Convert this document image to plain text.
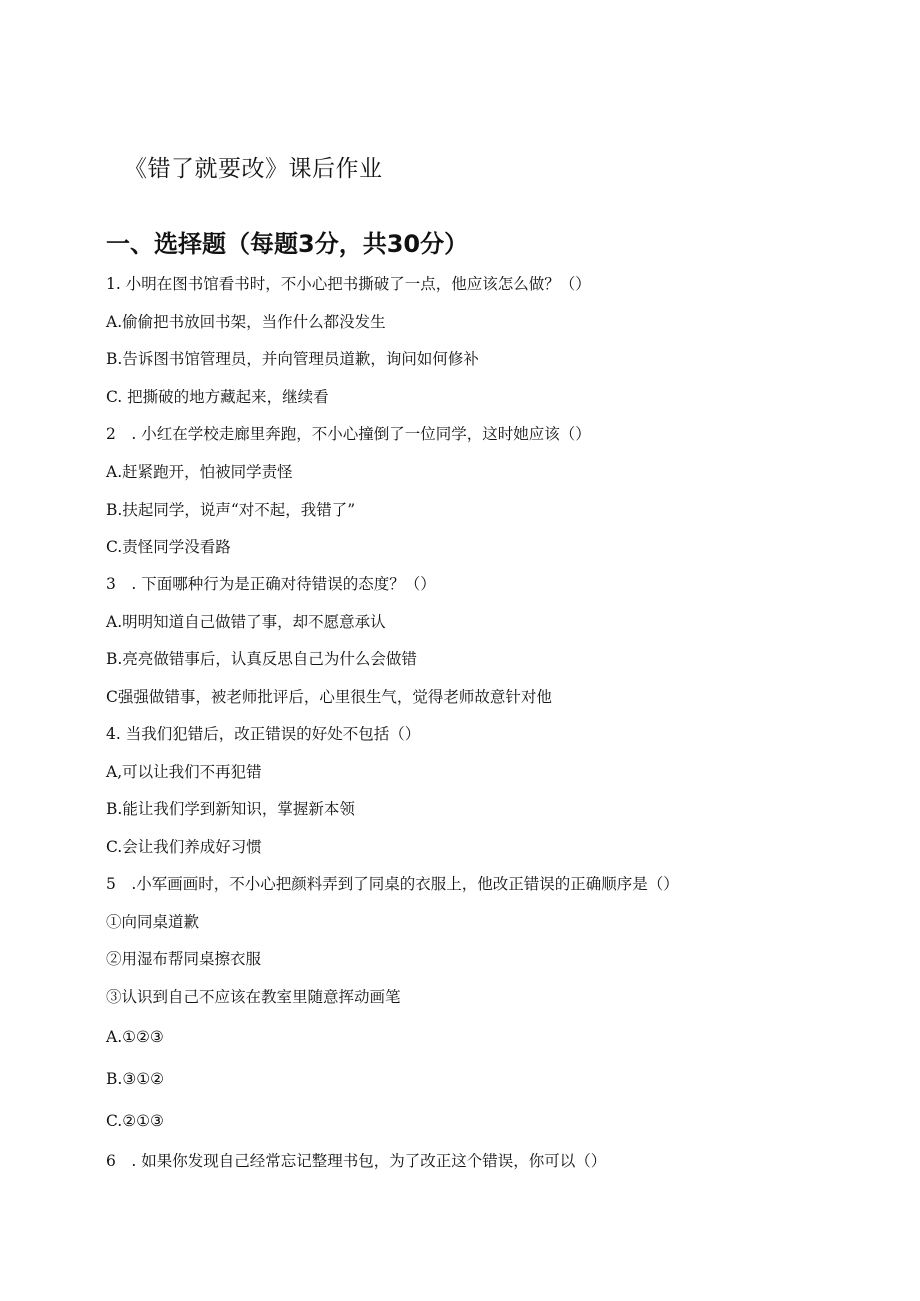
《错了就要改》课后作业
一、选择题（每题3分，共30分）
1. 小明在图书馆看书时，不小心把书撕破了一点，他应该怎么做？（）
A.偷偷把书放回书架，当作什么都没发生
B.告诉图书馆管理员，并向管理员道歉，询问如何修补
C. 把撕破的地方藏起来，继续看
2　. 小红在学校走廊里奔跑，不小心撞倒了一位同学，这时她应该（）
A.赶紧跑开，怕被同学责怪
B.扶起同学，说声“对不起，我错了”
C.责怪同学没看路
3　. 下面哪种行为是正确对待错误的态度？（）
A.明明知道自己做错了事，却不愿意承认
B.亮亮做错事后，认真反思自己为什么会做错
C强强做错事，被老师批评后，心里很生气，觉得老师故意针对他
4. 当我们犯错后，改正错误的好处不包括（）
A,可以让我们不再犯错
B.能让我们学到新知识，掌握新本领
C.会让我们养成好习惯
5　.小军画画时，不小心把颜料弄到了同桌的衣服上，他改正错误的正确顺序是（）
①向同桌道歉
②用湿布帮同桌擦衣服
③认识到自己不应该在教室里随意挥动画笔
A.①②③
B.③①②
C.②①③
6　. 如果你发现自己经常忘记整理书包，为了改正这个错误，你可以（）
